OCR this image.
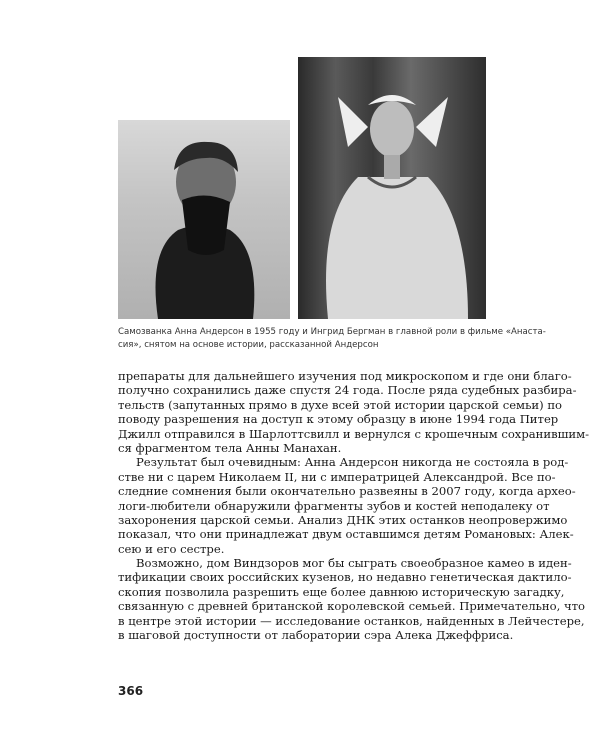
Самозванка Анна Андерсон в 1955 году и Ингрид Бергман в главной роли в фильме «Анаста-
сия», снятом на основе истории, рассказанной Андерсон
препараты для дальнейшего изучения под микроскопом и где они благо-
получно сохранились даже спустя 24 года. После ряда судебных разбира-
тельств (запутанных прямо в духе всей этой истории царской семьи) по
поводу разрешения на доступ к этому образцу в июне 1994 года Питер
Джилл отправился в Шарлоттсвилл и вернулся с крошечным сохранившим-
ся фрагментом тела Анны Манахан.
Результат был очевидным: Анна Андерсон никогда не состояла в род-
стве ни с царем Николаем II, ни с императрицей Александрой. Все по-
следние сомнения были окончательно развеяны в 2007 году, когда архео-
логи-любители обнаружили фрагменты зубов и костей неподалеку от
захоронения царской семьи. Анализ ДНК этих останков неопровержимо
показал, что они принадлежат двум оставшимся детям Романовых: Алек-
сею и его сестре.
Возможно, дом Виндзоров мог бы сыграть своеобразное камео в иден-
тификации своих российских кузенов, но недавно генетическая дактило-
скопия позволила разрешить еще более давнюю историческую загадку,
связанную с древней британской королевской семьей. Примечательно, что
в центре этой истории — исследование останков, найденных в Лейчестере,
в шаговой доступности от лаборатории сэра Алека Джеффриса.
366
